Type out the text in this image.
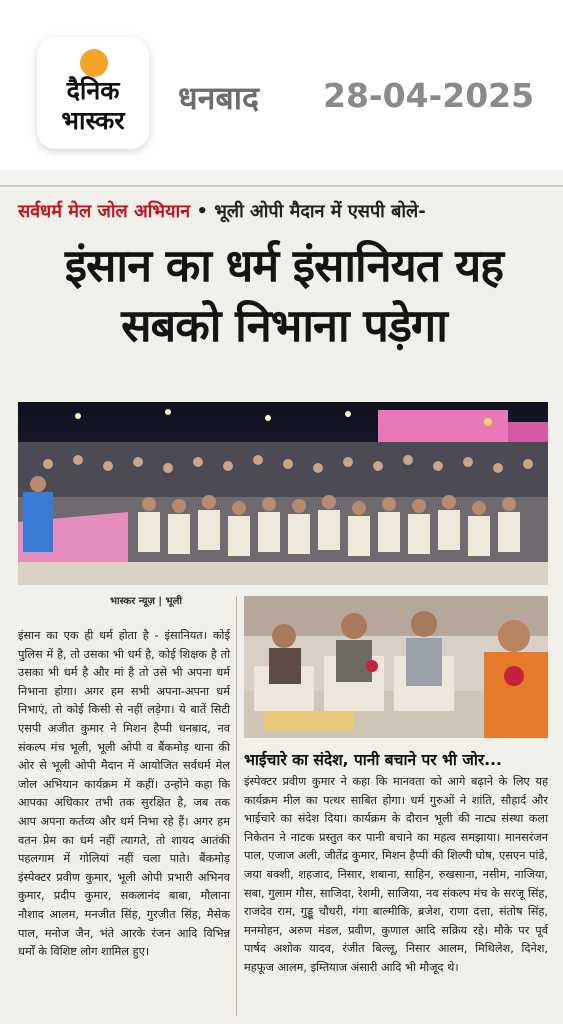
दैनिक
भास्कर
धनबाद 28-04-2025
सर्वधर्म मेल जोल अभियान • भूली ओपी मैदान में एसपी बोले-
इंसान का धर्म इंसानियत यह सबको निभाना पड़ेगा
भास्कर न्यूज़ | भूली
इंसान का एक ही धर्म होता है - इंसानियत। कोई पुलिस में है, तो उसका भी धर्म है, कोई शिक्षक है तो उसका भी धर्म है और मां है तो उसे भी अपना धर्म निभाना होगा। अगर हम सभी अपना-अपना धर्म निभाएं, तो कोई किसी से नहीं लड़ेगा। ये बातें सिटी एसपी अजीत कुमार ने मिशन हैप्पी धनबाद, नव संकल्प मंच भूली, भूली ओपी व बैंकमोड़ थाना की ओर से भूली ओपी मैदान में आयोजित सर्वधर्म मेल जोल अभियान कार्यक्रम में कहीं। उन्होंने कहा कि आपका अधिकार तभी तक सुरक्षित है, जब तक आप अपना कर्तव्य और धर्म निभा रहे हैं। अगर हम वतन प्रेम का धर्म नहीं त्यागते, तो शायद आतंकी पहलगाम में गोलियां नहीं चला पाते। बैंकमोड़ इंस्पेक्टर प्रवीण कुमार, भूली ओपी प्रभारी अभिनव कुमार, प्रदीप कुमार, सकलानंद बाबा, मौलाना नौशाद आलम, मनजीत सिंह, गुरजीत सिंह, मैसेक पाल, मनोज जैन, भंते आरके रंजन आदि विभिन्न धर्मों के विशिष्ट लोग शामिल हुए।
भाईचारे का संदेश, पानी बचाने पर भी जोर...
इंस्पेक्टर प्रवीण कुमार ने कहा कि मानवता को आगे बढ़ाने के लिए यह कार्यक्रम मील का पत्थर साबित होगा। धर्म गुरुओं ने शांति, सौहार्द और भाईचारे का संदेश दिया। कार्यक्रम के दौरान भूली की नाट्य संस्था कला निकेतन ने नाटक प्रस्तुत कर पानी बचाने का महत्व समझाया। मानसरंजन पाल, एजाज अली, जीतेंद्र कुमार, मिशन हैप्पी की शिल्पी घोष, एसएन पांडे, जया बक्शी, शहजाद, निसार, शबाना, साहिन, रुखसाना, नसीम, नाजिया, सबा, गुलाम गौस, साजिदा, रेशमी, साजिया, नव संकल्प मंच के सरजू सिंह, राजदेव राम, गुड्डू चौधरी, गंगा बाल्मीकि, ब्रजेश, राणा दत्ता, संतोष सिंह, मनमोहन, अरुण मंडल, प्रवीण, कुणाल आदि सक्रिय रहे। मौके पर पूर्व पार्षद अशोक यादव, रंजीत बिल्लू, निसार आलम, मिथिलेश, दिनेश, महफूज आलम, इम्तियाज अंसारी आदि भी मौजूद थे।
